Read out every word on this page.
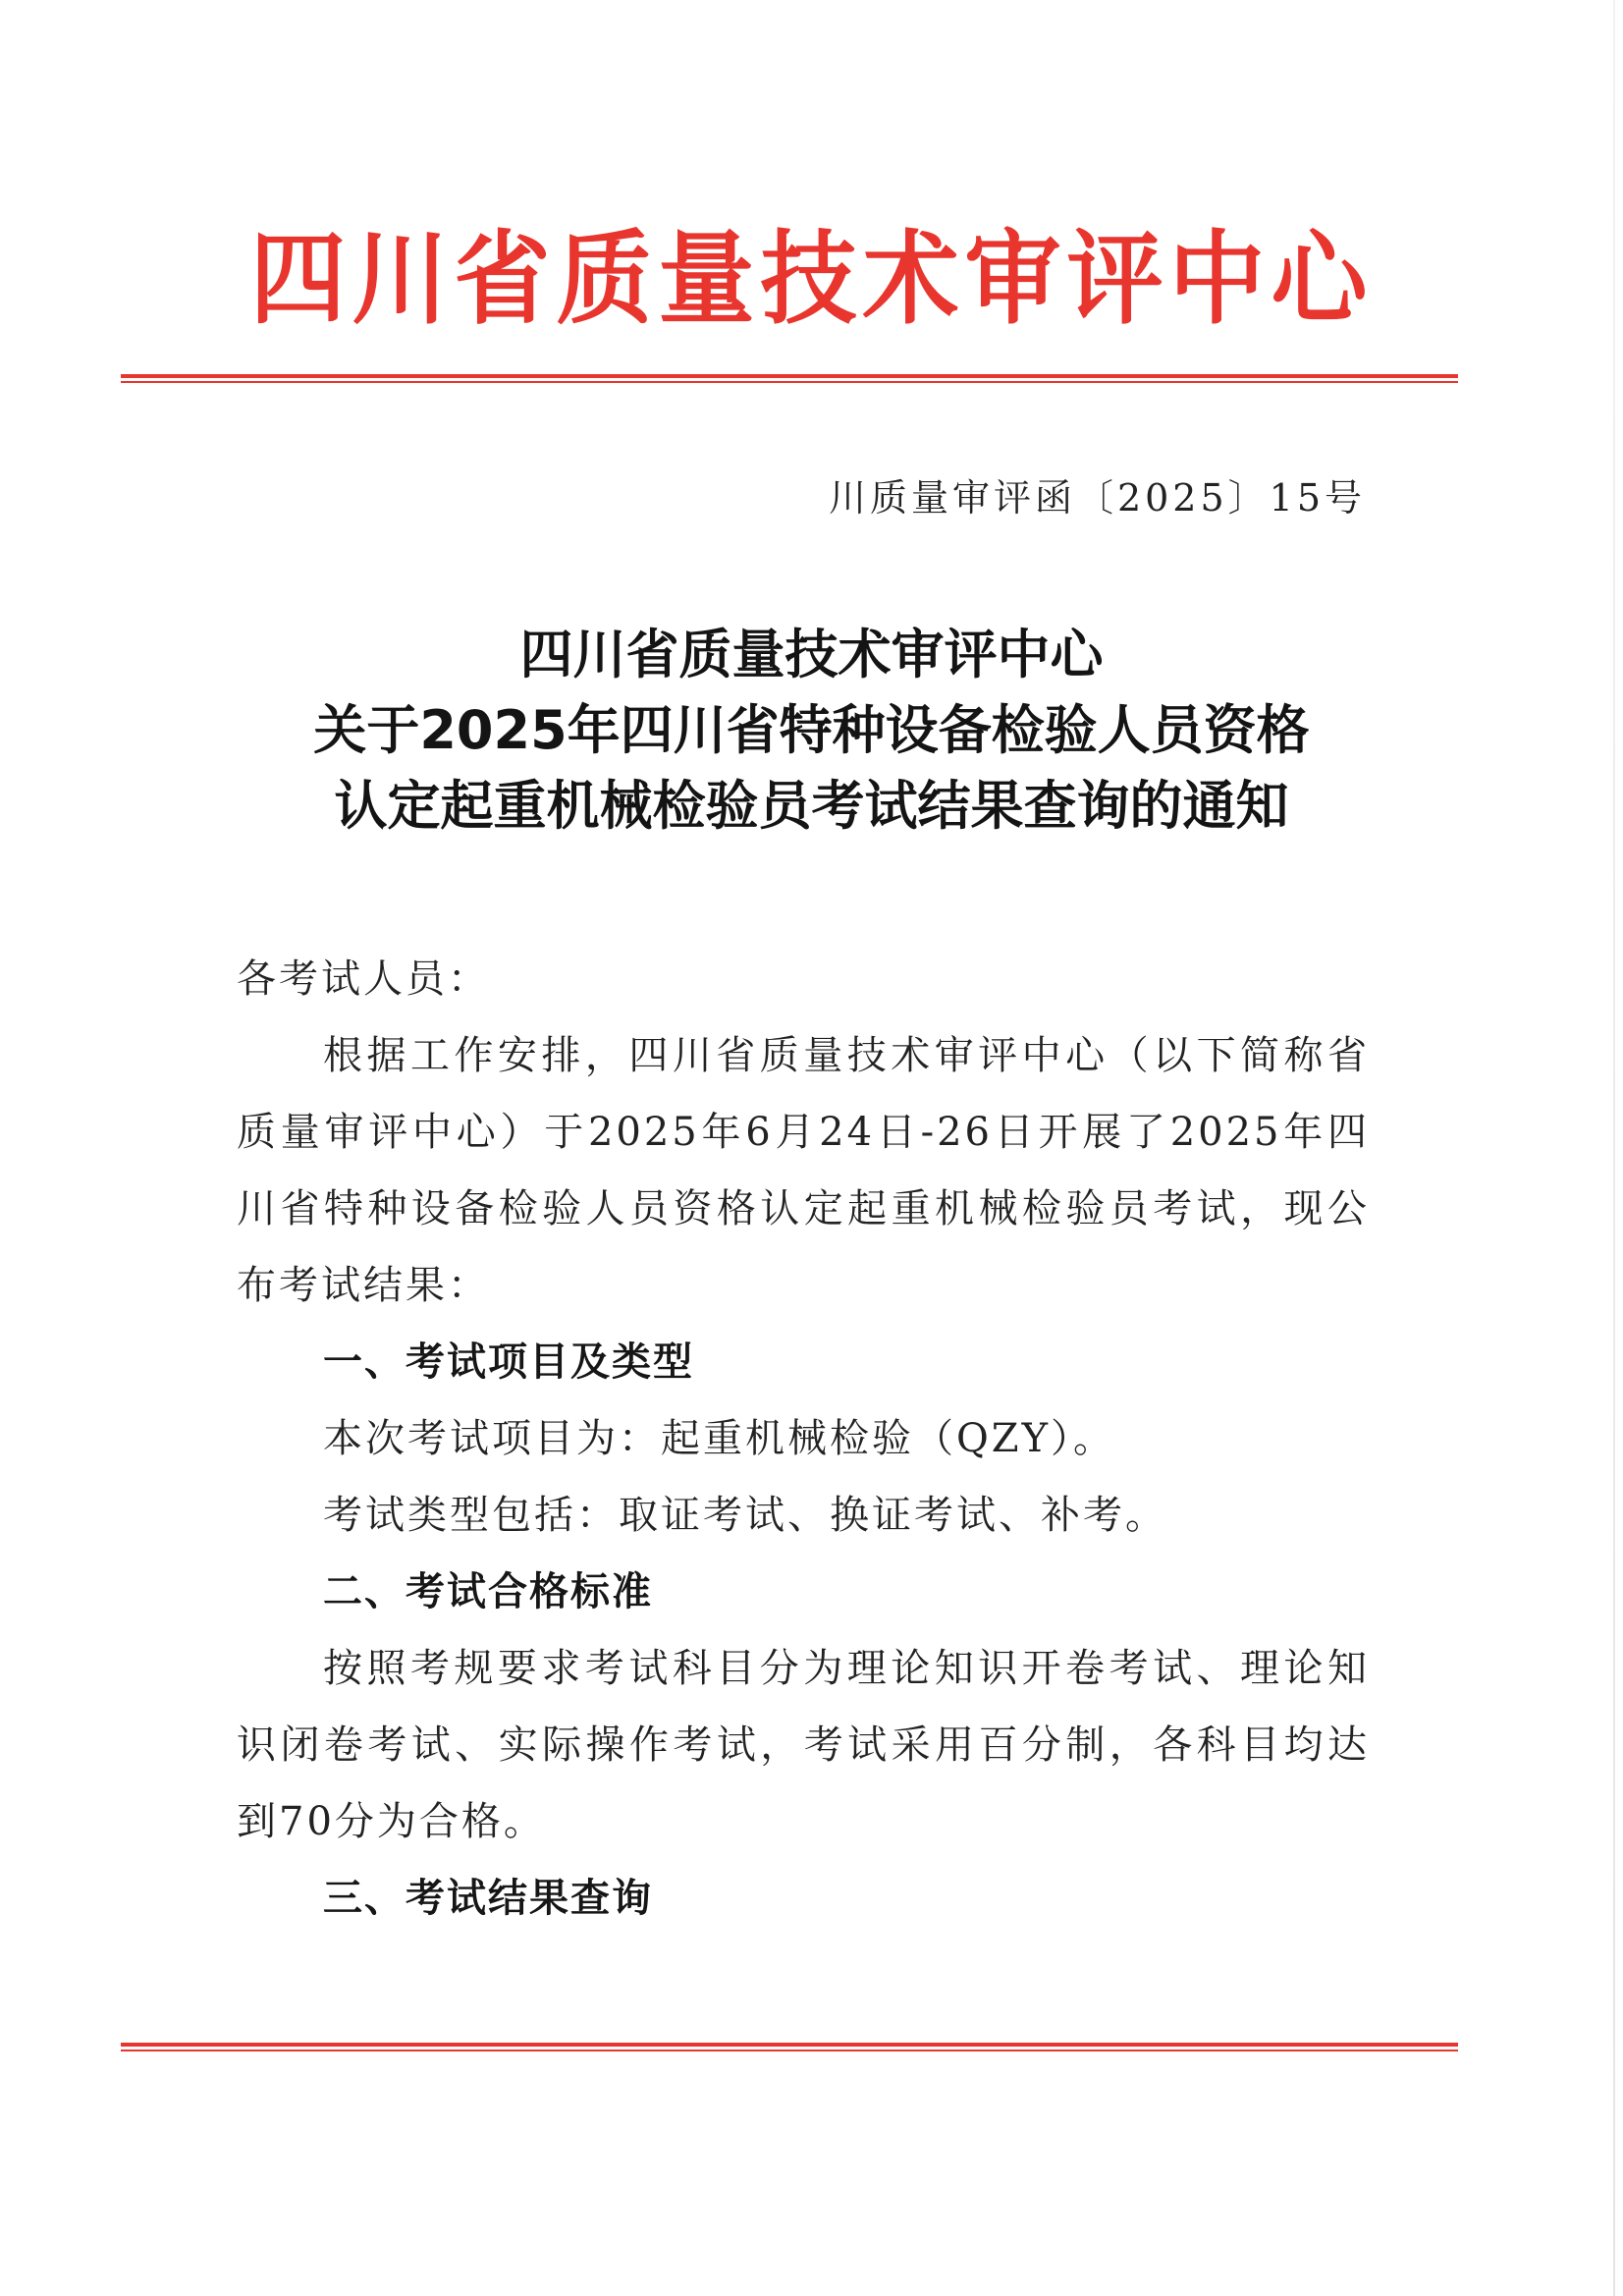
四川省质量技术审评中心
川质量审评函〔2025〕15号
四川省质量技术审评中心
关于2025年四川省特种设备检验人员资格
认定起重机械检验员考试结果查询的通知

各考试人员：

根据工作安排，四川省质量技术审评中心（以下简称省质量审评中心）于2025年6月24日-26日开展了2025年四川省特种设备检验人员资格认定起重机械检验员考试，现公布考试结果：

一、考试项目及类型

本次考试项目为：起重机械检验（QZY）。

考试类型包括：取证考试、换证考试、补考。

二、考试合格标准

按照考规要求考试科目分为理论知识开卷考试、理论知识闭卷考试、实际操作考试，考试采用百分制，各科目均达到70分为合格。

三、考试结果查询
